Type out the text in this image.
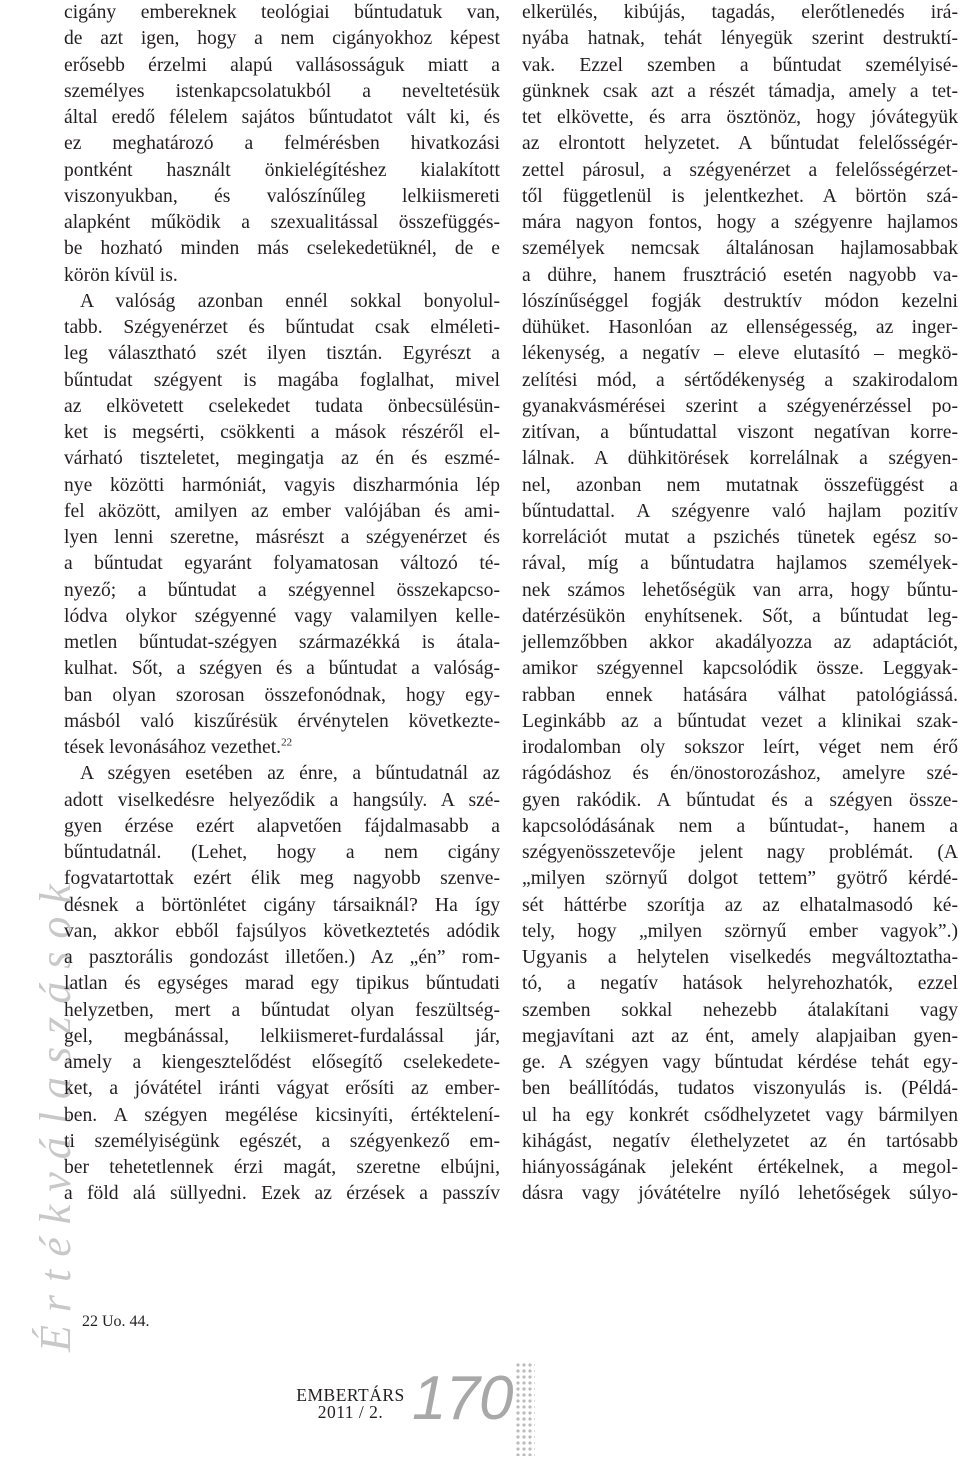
Értékválaszások
cigány embereknek teológiai bűntudatuk van,
de azt igen, hogy a nem cigányokhoz képest
erősebb érzelmi alapú vallásosságuk miatt a
személyes istenkapcsolatukból a neveltetésük
által eredő félelem sajátos bűntudatot vált ki, és
ez meghatározó a felmérésben hivatkozási
pontként használt önkielégítéshez kialakított
viszonyukban, és valószínűleg lelkiismereti
alapként működik a szexualitással összefüggés-
be hozható minden más cselekedetüknél, de e
körön kívül is.
A valóság azonban ennél sokkal bonyolul-
tabb. Szégyenérzet és bűntudat csak elméleti-
leg választható szét ilyen tisztán. Egyrészt a
bűntudat szégyent is magába foglalhat, mivel
az elkövetett cselekedet tudata önbecsülésün-
ket is megsérti, csökkenti a mások részéről el-
várható tiszteletet, megingatja az én és eszmé-
nye közötti harmóniát, vagyis diszharmónia lép
fel aközött, amilyen az ember valójában és ami-
lyen lenni szeretne, másrészt a szégyenérzet és
a bűntudat egyaránt folyamatosan változó té-
nyező; a bűntudat a szégyennel összekapcso-
lódva olykor szégyenné vagy valamilyen kelle-
metlen bűntudat-szégyen származékká is átala-
kulhat. Sőt, a szégyen és a bűntudat a valóság-
ban olyan szorosan összefonódnak, hogy egy-
másból való kiszűrésük érvénytelen következte-
tések levonásához vezethet.$^{22}$
A szégyen esetében az énre, a bűntudatnál az
adott viselkedésre helyeződik a hangsúly. A szé-
gyen érzése ezért alapvetően fájdalmasabb a
bűntudatnál. (Lehet, hogy a nem cigány
fogvatartottak ezért élik meg nagyobb szenve-
désnek a börtönlétet cigány társaiknál? Ha így
van, akkor ebből fajsúlyos következtetés adódik
a pasztorális gondozást illetően.) Az „én” rom-
latlan és egységes marad egy tipikus bűntudati
helyzetben, mert a bűntudat olyan feszültség-
gel, megbánással, lelkiismeret-furdalással jár,
amely a kiengesztelődést elősegítő cselekedete-
ket, a jóvátétel iránti vágyat erősíti az ember-
ben. A szégyen megélése kicsinyíti, értéktelení-
ti személyiségünk egészét, a szégyenkező em-
ber tehetetlennek érzi magát, szeretne elbújni,
a föld alá süllyedni. Ezek az érzések a passzív
elkerülés, kibújás, tagadás, elerőtlenedés irá-
nyába hatnak, tehát lényegük szerint destruktí-
vak. Ezzel szemben a bűntudat személyisé-
günknek csak azt a részét támadja, amely a tet-
tet elkövette, és arra ösztönöz, hogy jóvátegyük
az elrontott helyzetet. A bűntudat felelősségér-
zettel párosul, a szégyenérzet a felelősségérzet-
től függetlenül is jelentkezhet. A börtön szá-
mára nagyon fontos, hogy a szégyenre hajlamos
személyek nemcsak általánosan hajlamosabbak
a dühre, hanem frusztráció esetén nagyobb va-
lószínűséggel fogják destruktív módon kezelni
dühüket. Hasonlóan az ellenségesség, az inger-
lékenység, a negatív – eleve elutasító – megkö-
zelítési mód, a sértődékenység a szakirodalom
gyanakvásmérései szerint a szégyenérzéssel po-
zitívan, a bűntudattal viszont negatívan korre-
lálnak. A dühkitörések korrelálnak a szégyen-
nel, azonban nem mutatnak összefüggést a
bűntudattal. A szégyenre való hajlam pozitív
korrelációt mutat a pszichés tünetek egész so-
rával, míg a bűntudatra hajlamos személyek-
nek számos lehetőségük van arra, hogy bűntu-
datérzésükön enyhítsenek. Sőt, a bűntudat leg-
jellemzőbben akkor akadályozza az adaptációt,
amikor szégyennel kapcsolódik össze. Leggyak-
rabban ennek hatására válhat patológiássá.
Leginkább az a bűntudat vezet a klinikai szak-
irodalomban oly sokszor leírt, véget nem érő
rágódáshoz és én/önostorozáshoz, amelyre szé-
gyen rakódik. A bűntudat és a szégyen össze-
kapcsolódásának nem a bűntudat-, hanem a
szégyenösszetevője jelent nagy problémát. (A
„milyen szörnyű dolgot tettem” gyötrő kérdé-
sét háttérbe szorítja az az elhatalmasodó ké-
tely, hogy „milyen szörnyű ember vagyok”.)
Ugyanis a helytelen viselkedés megváltoztatha-
tó, a negatív hatások helyrehozhatók, ezzel
szemben sokkal nehezebb átalakítani vagy
megjavítani azt az ént, amely alapjaiban gyen-
ge. A szégyen vagy bűntudat kérdése tehát egy-
ben beállítódás, tudatos viszonyulás is. (Példá-
ul ha egy konkrét csődhelyzetet vagy bármilyen
kihágást, negatív élethelyzetet az én tartósabb
hiányosságának jeleként értékelnek, a megol-
dásra vagy jóvátételre nyíló lehetőségek súlyo-
22 Uo. 44.
EMBERTÁRS
2011 / 2. 170
